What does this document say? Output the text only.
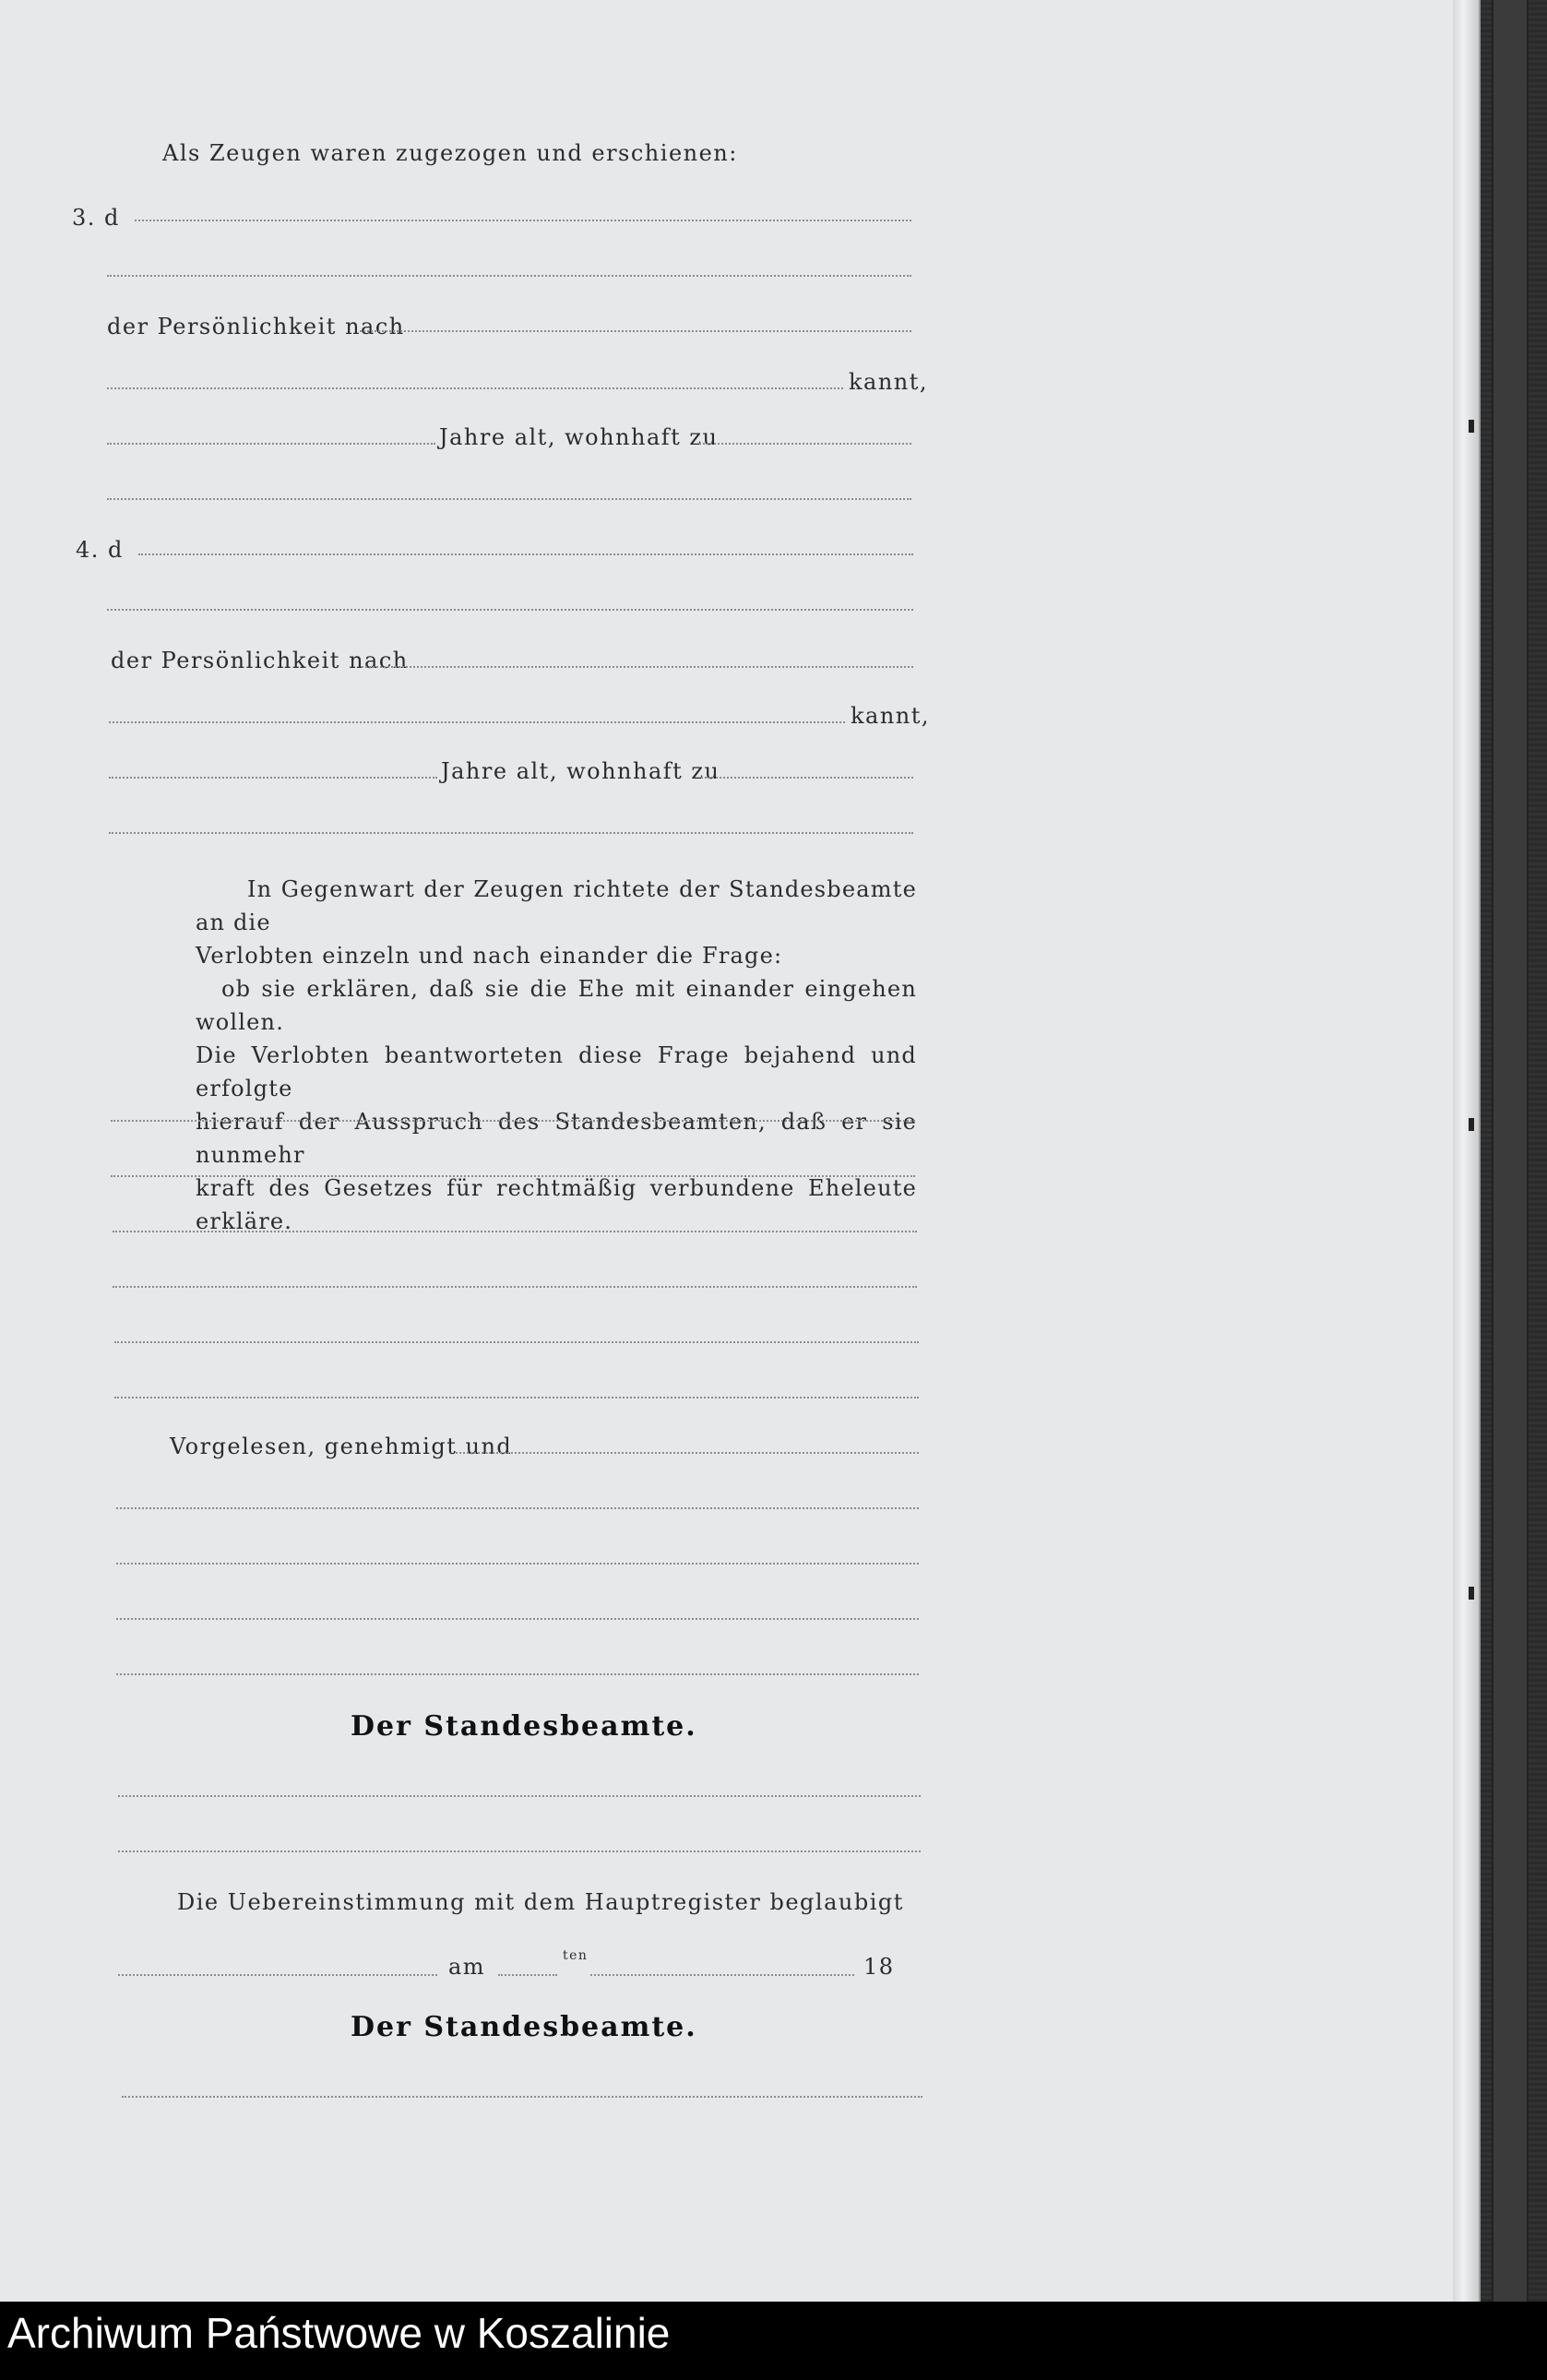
Als Zeugen waren zugezogen und erschienen:
3. d
der Persönlichkeit nach
kannt,
Jahre alt, wohnhaft zu
4. d
der Persönlichkeit nach
kannt,
Jahre alt, wohnhaft zu
In Gegenwart der Zeugen richtete der Standesbeamte an die
Verlobten einzeln und nach einander die Frage:
ob sie erklären, daß sie die Ehe mit einander eingehen wollen.
Die Verlobten beantworteten diese Frage bejahend und erfolgte
hierauf der Ausspruch des Standesbeamten, daß er sie nunmehr
kraft des Gesetzes für rechtmäßig verbundene Eheleute erkläre.
Vorgelesen, genehmigt und
Der Standesbeamte.
Die Uebereinstimmung mit dem Hauptregister beglaubigt
am	ten	18
Der Standesbeamte.
Archiwum Państwowe w Koszalinie
